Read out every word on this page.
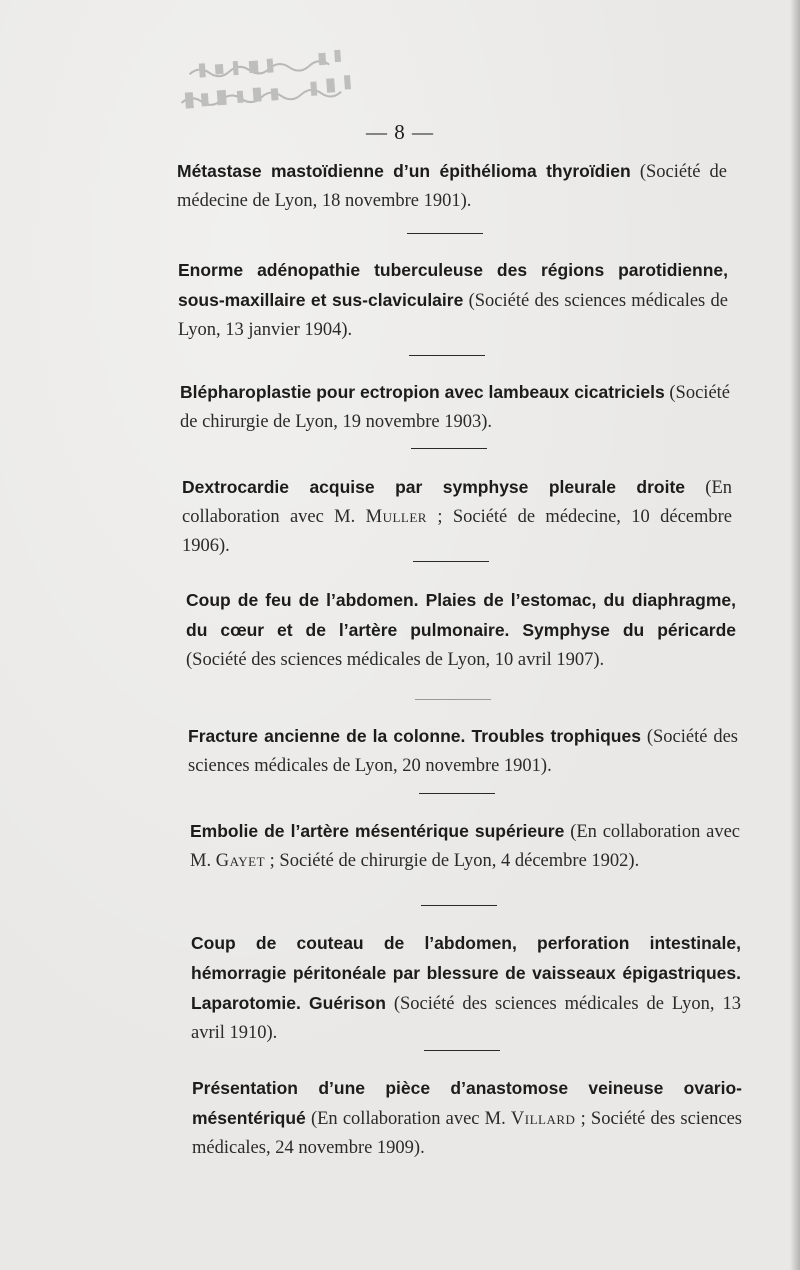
— 8 —
Métastase mastoïdienne d’un épithélioma thyroïdien (Société de médecine de Lyon, 18 novembre 1901).
Enorme adénopathie tuberculeuse des régions parotidienne, sous-maxillaire et sus-claviculaire (Société des sciences médicales de Lyon, 13 janvier 1904).
Blépharoplastie pour ectropion avec lambeaux cicatriciels (Société de chirurgie de Lyon, 19 novembre 1903).
Dextrocardie acquise par symphyse pleurale droite (En collaboration avec M. Muller ; Société de médecine, 10 décembre 1906).
Coup de feu de l’abdomen. Plaies de l’estomac, du diaphragme, du cœur et de l’artère pulmonaire. Symphyse du péricarde (Société des sciences médicales de Lyon, 10 avril 1907).
Fracture ancienne de la colonne. Troubles trophiques (Société des sciences médicales de Lyon, 20 novembre 1901).
Embolie de l’artère mésentérique supérieure (En collaboration avec M. Gayet ; Société de chirurgie de Lyon, 4 décembre 1902).
Coup de couteau de l’abdomen, perforation intestinale, hémorragie péritonéale par blessure de vaisseaux épigastriques. Laparotomie. Guérison (Société des sciences médicales de Lyon, 13 avril 1910).
Présentation d’une pièce d’anastomose veineuse ovario-mésentériqué (En collaboration avec M. Villard ; Société des sciences médicales, 24 novembre 1909).
